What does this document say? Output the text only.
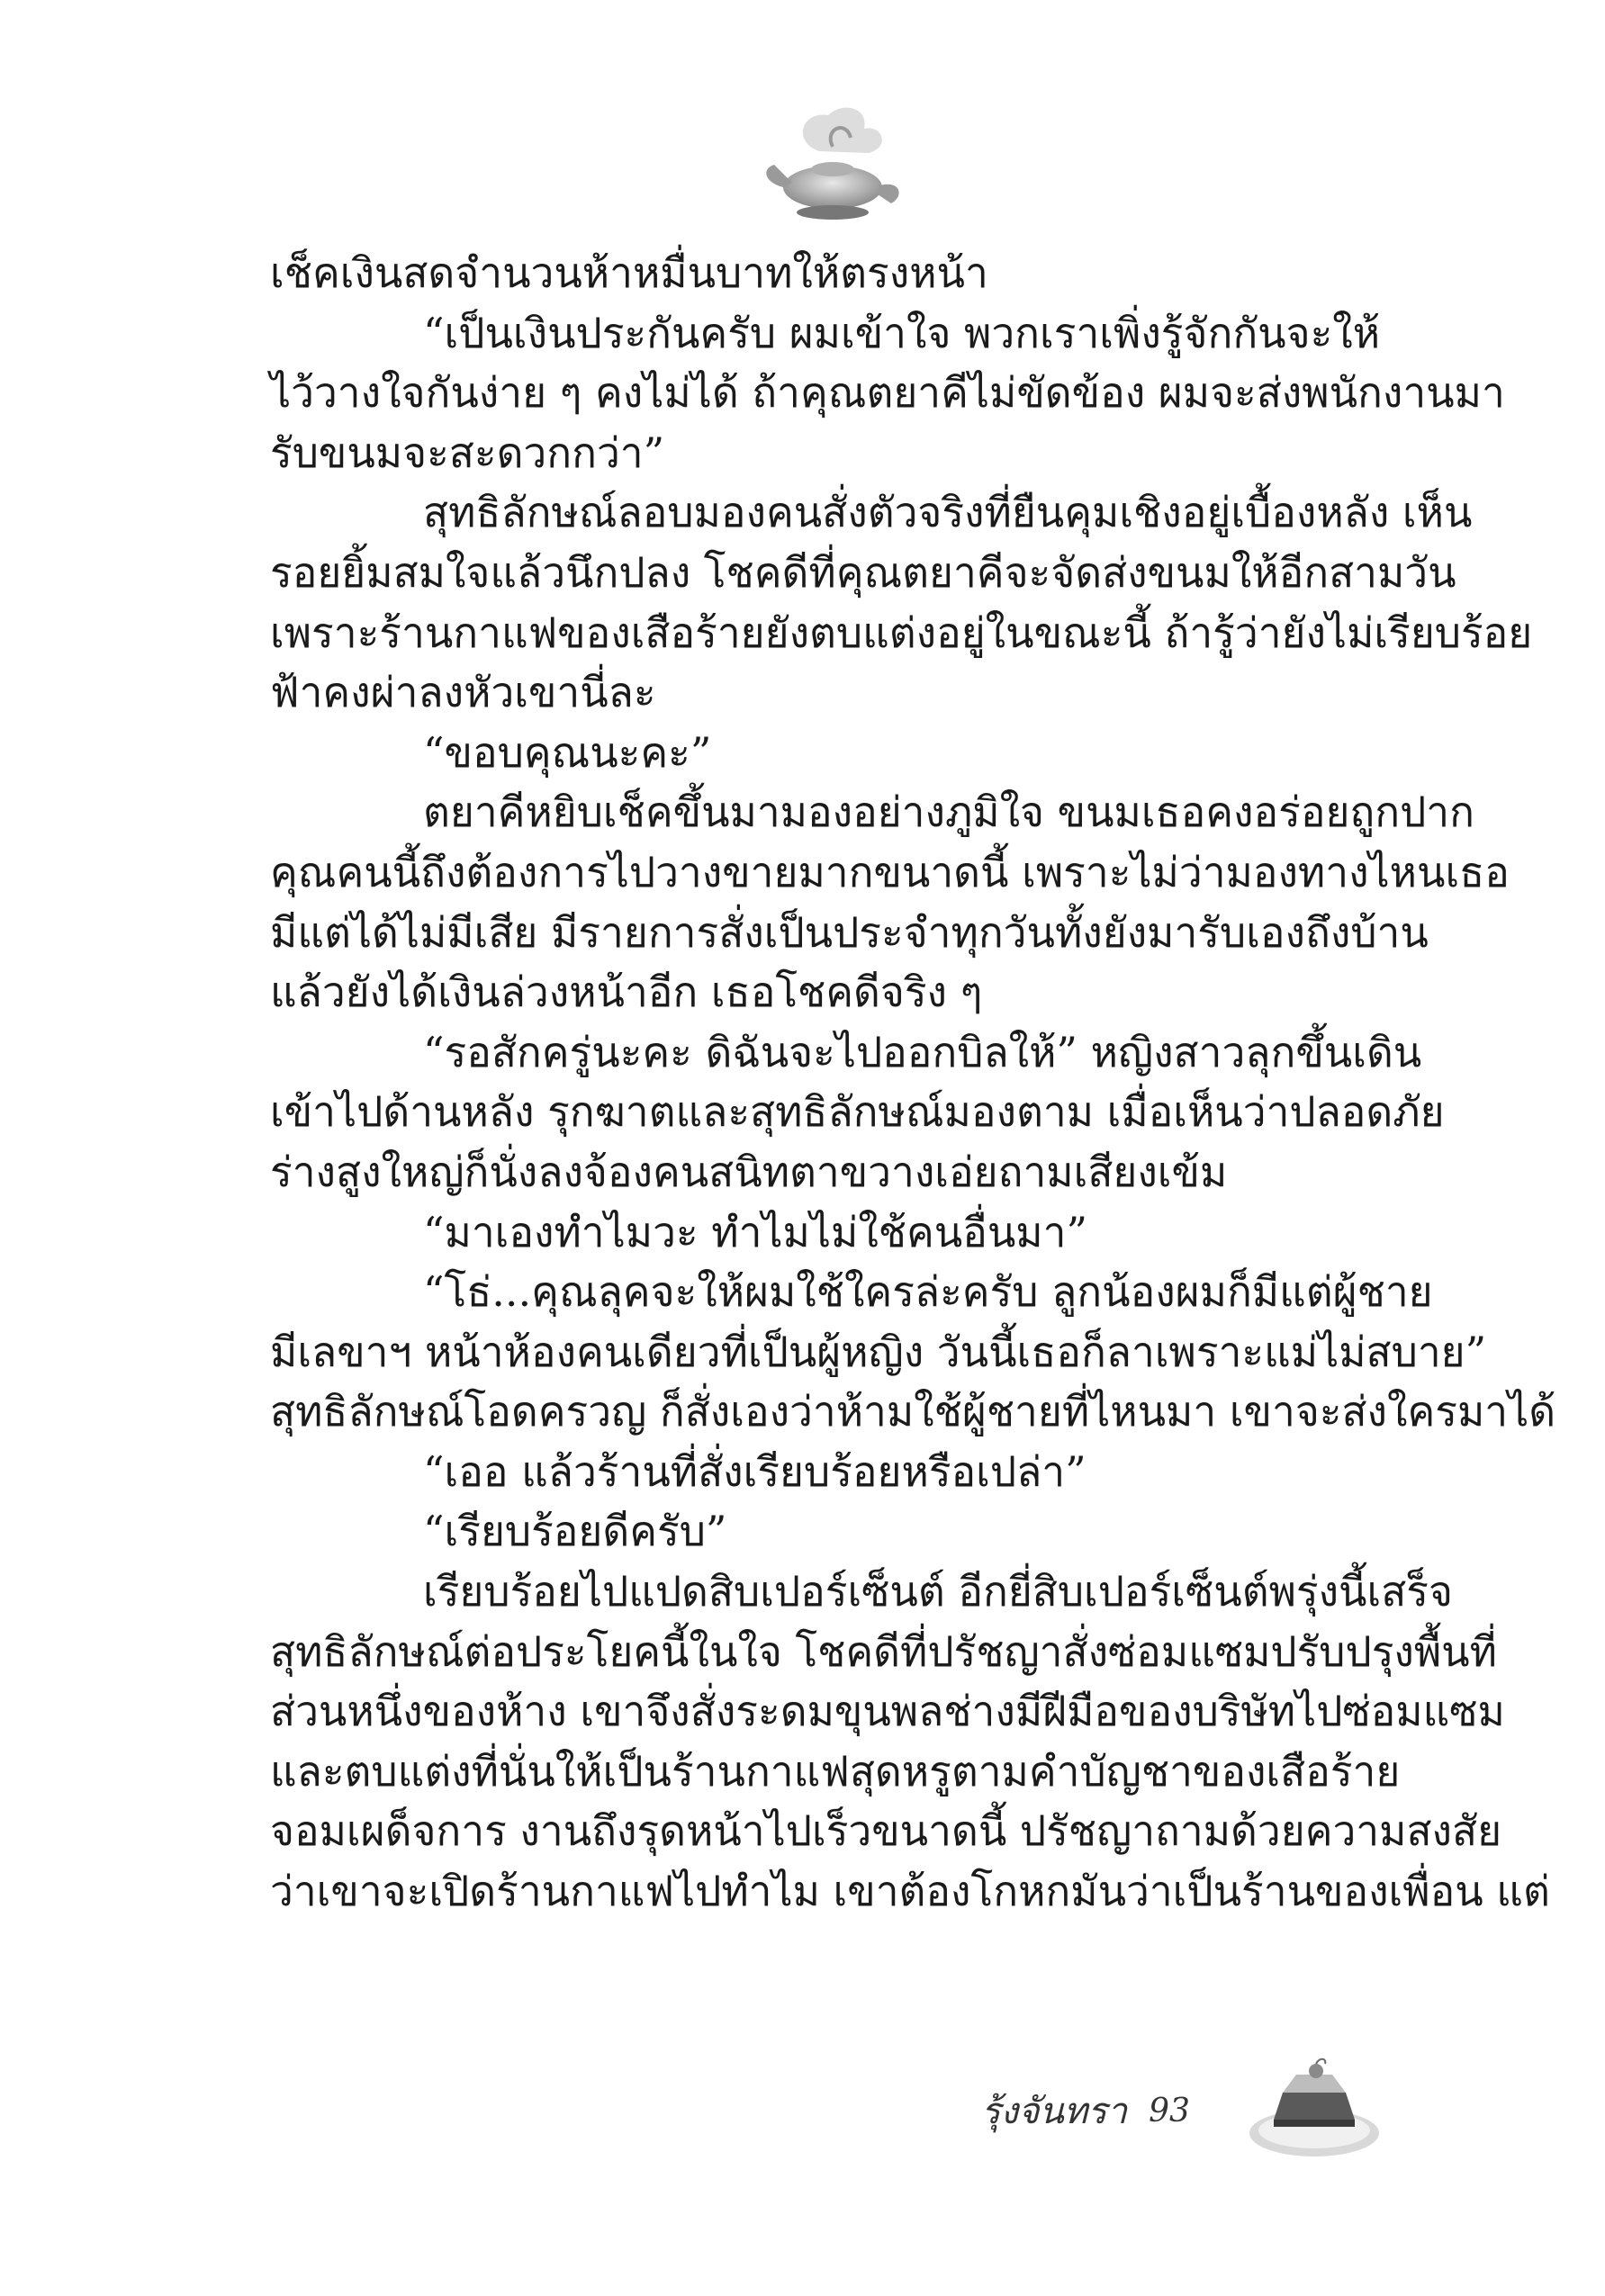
เช็คเงินสดจำนวนห้าหมื่นบาทให้ตรงหน้า
“เป็นเงินประกันครับ ผมเข้าใจ พวกเราเพิ่งรู้จักกันจะให้
ไว้วางใจกันง่าย ๆ คงไม่ได้ ถ้าคุณตยาคีไม่ขัดข้อง ผมจะส่งพนักงานมา
รับขนมจะสะดวกกว่า”
สุทธิลักษณ์ลอบมองคนสั่งตัวจริงที่ยืนคุมเชิงอยู่เบื้องหลัง เห็น
รอยยิ้มสมใจแล้วนึกปลง โชคดีที่คุณตยาคีจะจัดส่งขนมให้อีกสามวัน
เพราะร้านกาแฟของเสือร้ายยังตบแต่งอยู่ในขณะนี้ ถ้ารู้ว่ายังไม่เรียบร้อย
ฟ้าคงผ่าลงหัวเขานี่ละ
“ขอบคุณนะคะ”
ตยาคีหยิบเช็คขึ้นมามองอย่างภูมิใจ ขนมเธอคงอร่อยถูกปาก
คุณคนนี้ถึงต้องการไปวางขายมากขนาดนี้ เพราะไม่ว่ามองทางไหนเธอ
มีแต่ได้ไม่มีเสีย มีรายการสั่งเป็นประจำทุกวันทั้งยังมารับเองถึงบ้าน
แล้วยังได้เงินล่วงหน้าอีก เธอโชคดีจริง ๆ
“รอสักครู่นะคะ ดิฉันจะไปออกบิลให้” หญิงสาวลุกขึ้นเดิน
เข้าไปด้านหลัง รุกฆาตและสุทธิลักษณ์มองตาม เมื่อเห็นว่าปลอดภัย
ร่างสูงใหญ่ก็นั่งลงจ้องคนสนิทตาขวางเอ่ยถามเสียงเข้ม
“มาเองทำไมวะ ทำไมไม่ใช้คนอื่นมา”
“โธ่...คุณลุคจะให้ผมใช้ใครล่ะครับ ลูกน้องผมก็มีแต่ผู้ชาย
มีเลขาฯ หน้าห้องคนเดียวที่เป็นผู้หญิง วันนี้เธอก็ลาเพราะแม่ไม่สบาย”
สุทธิลักษณ์โอดครวญ ก็สั่งเองว่าห้ามใช้ผู้ชายที่ไหนมา เขาจะส่งใครมาได้
“เออ แล้วร้านที่สั่งเรียบร้อยหรือเปล่า”
“เรียบร้อยดีครับ”
เรียบร้อยไปแปดสิบเปอร์เซ็นต์ อีกยี่สิบเปอร์เซ็นต์พรุ่งนี้เสร็จ
สุทธิลักษณ์ต่อประโยคนี้ในใจ โชคดีที่ปรัชญาสั่งซ่อมแซมปรับปรุงพื้นที่
ส่วนหนึ่งของห้าง เขาจึงสั่งระดมขุนพลช่างมีฝีมือของบริษัทไปซ่อมแซม
และตบแต่งที่นั่นให้เป็นร้านกาแฟสุดหรูตามคำบัญชาของเสือร้าย
จอมเผด็จการ งานถึงรุดหน้าไปเร็วขนาดนี้ ปรัชญาถามด้วยความสงสัย
ว่าเขาจะเปิดร้านกาแฟไปทำไม เขาต้องโกหกมันว่าเป็นร้านของเพื่อน แต่
รุ้งจันทรา 93
